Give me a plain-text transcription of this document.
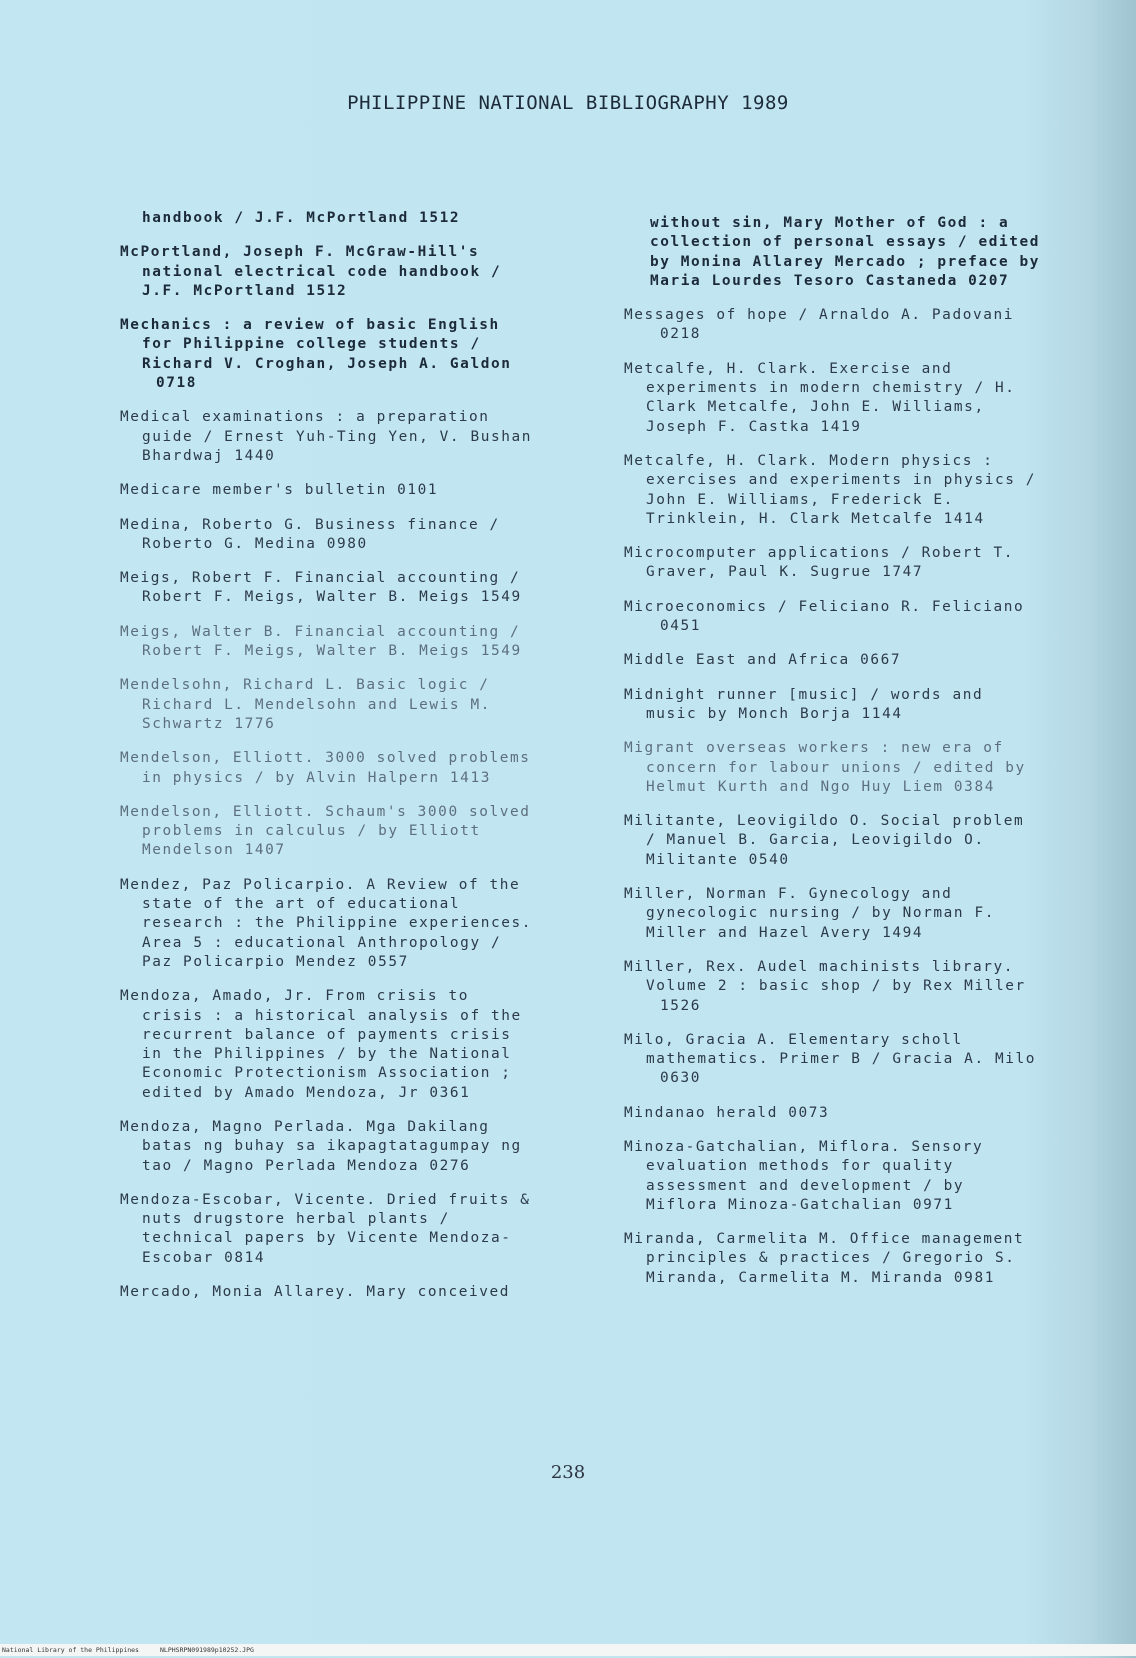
PHILIPPINE NATIONAL BIBLIOGRAPHY 1989
handbook / J.F. McPortland 1512
McPortland, Joseph F. McGraw-Hill's
national electrical code handbook /
J.F. McPortland 1512
Mechanics : a review of basic English
for Philippine college students /
Richard V. Croghan, Joseph A. Galdon
0718
Medical examinations : a preparation
guide / Ernest Yuh-Ting Yen, V. Bushan
Bhardwaj 1440
Medicare member's bulletin 0101
Medina, Roberto G. Business finance /
Roberto G. Medina 0980
Meigs, Robert F. Financial accounting /
Robert F. Meigs, Walter B. Meigs 1549
Meigs, Walter B. Financial accounting /
Robert F. Meigs, Walter B. Meigs 1549
Mendelsohn, Richard L. Basic logic /
Richard L. Mendelsohn and Lewis M.
Schwartz 1776
Mendelson, Elliott. 3000 solved problems
in physics / by Alvin Halpern 1413
Mendelson, Elliott. Schaum's 3000 solved
problems in calculus / by Elliott
Mendelson 1407
Mendez, Paz Policarpio. A Review of the
state of the art of educational
research : the Philippine experiences.
Area 5 : educational Anthropology /
Paz Policarpio Mendez 0557
Mendoza, Amado, Jr. From crisis to
crisis : a historical analysis of the
recurrent balance of payments crisis
in the Philippines / by the National
Economic Protectionism Association ;
edited by Amado Mendoza, Jr 0361
Mendoza, Magno Perlada. Mga Dakilang
batas ng buhay sa ikapagtatagumpay ng
tao / Magno Perlada Mendoza 0276
Mendoza-Escobar, Vicente. Dried fruits &
nuts drugstore herbal plants /
technical papers by Vicente Mendoza-
Escobar 0814
Mercado, Monia Allarey. Mary conceived
without sin, Mary Mother of God : a
collection of personal essays / edited
by Monina Allarey Mercado ; preface by
Maria Lourdes Tesoro Castaneda 0207
Messages of hope / Arnaldo A. Padovani
0218
Metcalfe, H. Clark. Exercise and
experiments in modern chemistry / H.
Clark Metcalfe, John E. Williams,
Joseph F. Castka 1419
Metcalfe, H. Clark. Modern physics :
exercises and experiments in physics /
John E. Williams, Frederick E.
Trinklein, H. Clark Metcalfe 1414
Microcomputer applications / Robert T.
Graver, Paul K. Sugrue 1747
Microeconomics / Feliciano R. Feliciano
0451
Middle East and Africa 0667
Midnight runner [music] / words and
music by Monch Borja 1144
Migrant overseas workers : new era of
concern for labour unions / edited by
Helmut Kurth and Ngo Huy Liem 0384
Militante, Leovigildo O. Social problem
/ Manuel B. Garcia, Leovigildo O.
Militante 0540
Miller, Norman F. Gynecology and
gynecologic nursing / by Norman F.
Miller and Hazel Avery 1494
Miller, Rex. Audel machinists library.
Volume 2 : basic shop / by Rex Miller
1526
Milo, Gracia A. Elementary scholl
mathematics. Primer B / Gracia A. Milo
0630
Mindanao herald 0073
Minoza-Gatchalian, Miflora. Sensory
evaluation methods for quality
assessment and development / by
Miflora Minoza-Gatchalian 0971
Miranda, Carmelita M. Office management
principles & practices / Gregorio S.
Miranda, Carmelita M. Miranda 0981
238
National Library of the Philippines	NLPHSRPN091989p10252.JPG
